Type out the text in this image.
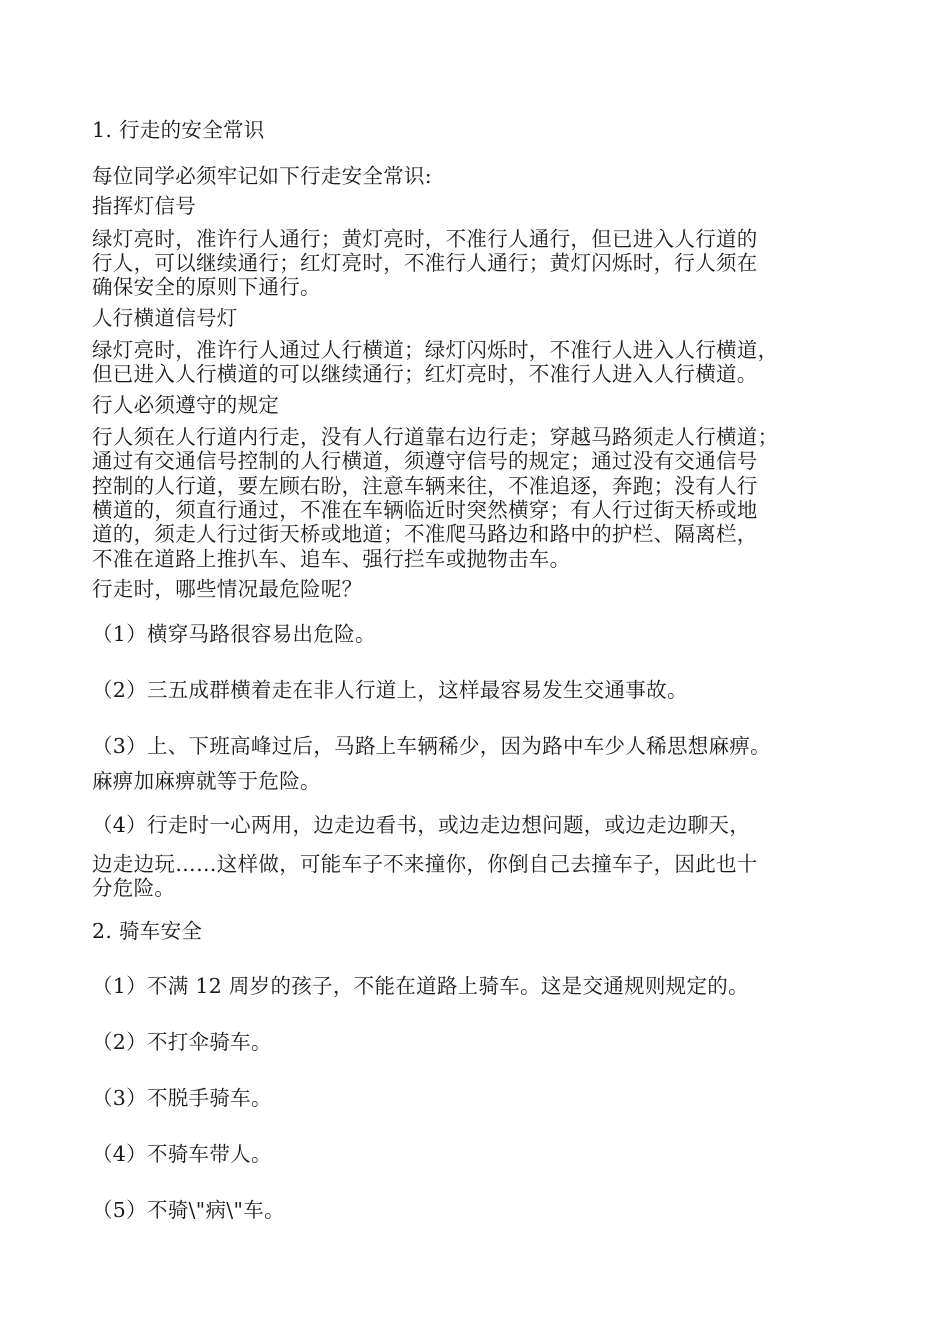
1. 行走的安全常识
每位同学必须牢记如下行走安全常识:
指挥灯信号
绿灯亮时，准许行人通行；黄灯亮时，不准行人通行，但已进入人行道的
行人，可以继续通行；红灯亮时，不准行人通行；黄灯闪烁时，行人须在
确保安全的原则下通行。
人行横道信号灯
绿灯亮时，准许行人通过人行横道；绿灯闪烁时，不准行人进入人行横道，
但已进入人行横道的可以继续通行；红灯亮时，不准行人进入人行横道。
行人必须遵守的规定
行人须在人行道内行走，没有人行道靠右边行走；穿越马路须走人行横道；
通过有交通信号控制的人行横道，须遵守信号的规定；通过没有交通信号
控制的人行道，要左顾右盼，注意车辆来往，不准追逐，奔跑；没有人行
横道的，须直行通过，不准在车辆临近时突然横穿；有人行过街天桥或地
道的，须走人行过街天桥或地道；不准爬马路边和路中的护栏、隔离栏，
不准在道路上推扒车、追车、强行拦车或抛物击车。
行走时，哪些情况最危险呢？
（1）横穿马路很容易出危险。
（2）三五成群横着走在非人行道上，这样最容易发生交通事故。
（3）上、下班高峰过后，马路上车辆稀少，因为路中车少人稀思想麻痹。
麻痹加麻痹就等于危险。
（4）行走时一心两用，边走边看书，或边走边想问题，或边走边聊天，
边走边玩……这样做，可能车子不来撞你，你倒自己去撞车子，因此也十
分危险。
2. 骑车安全
（1）不满 12 周岁的孩子，不能在道路上骑车。这是交通规则规定的。
（2）不打伞骑车。
（3）不脱手骑车。
（4）不骑车带人。
（5）不骑\"病\"车。
